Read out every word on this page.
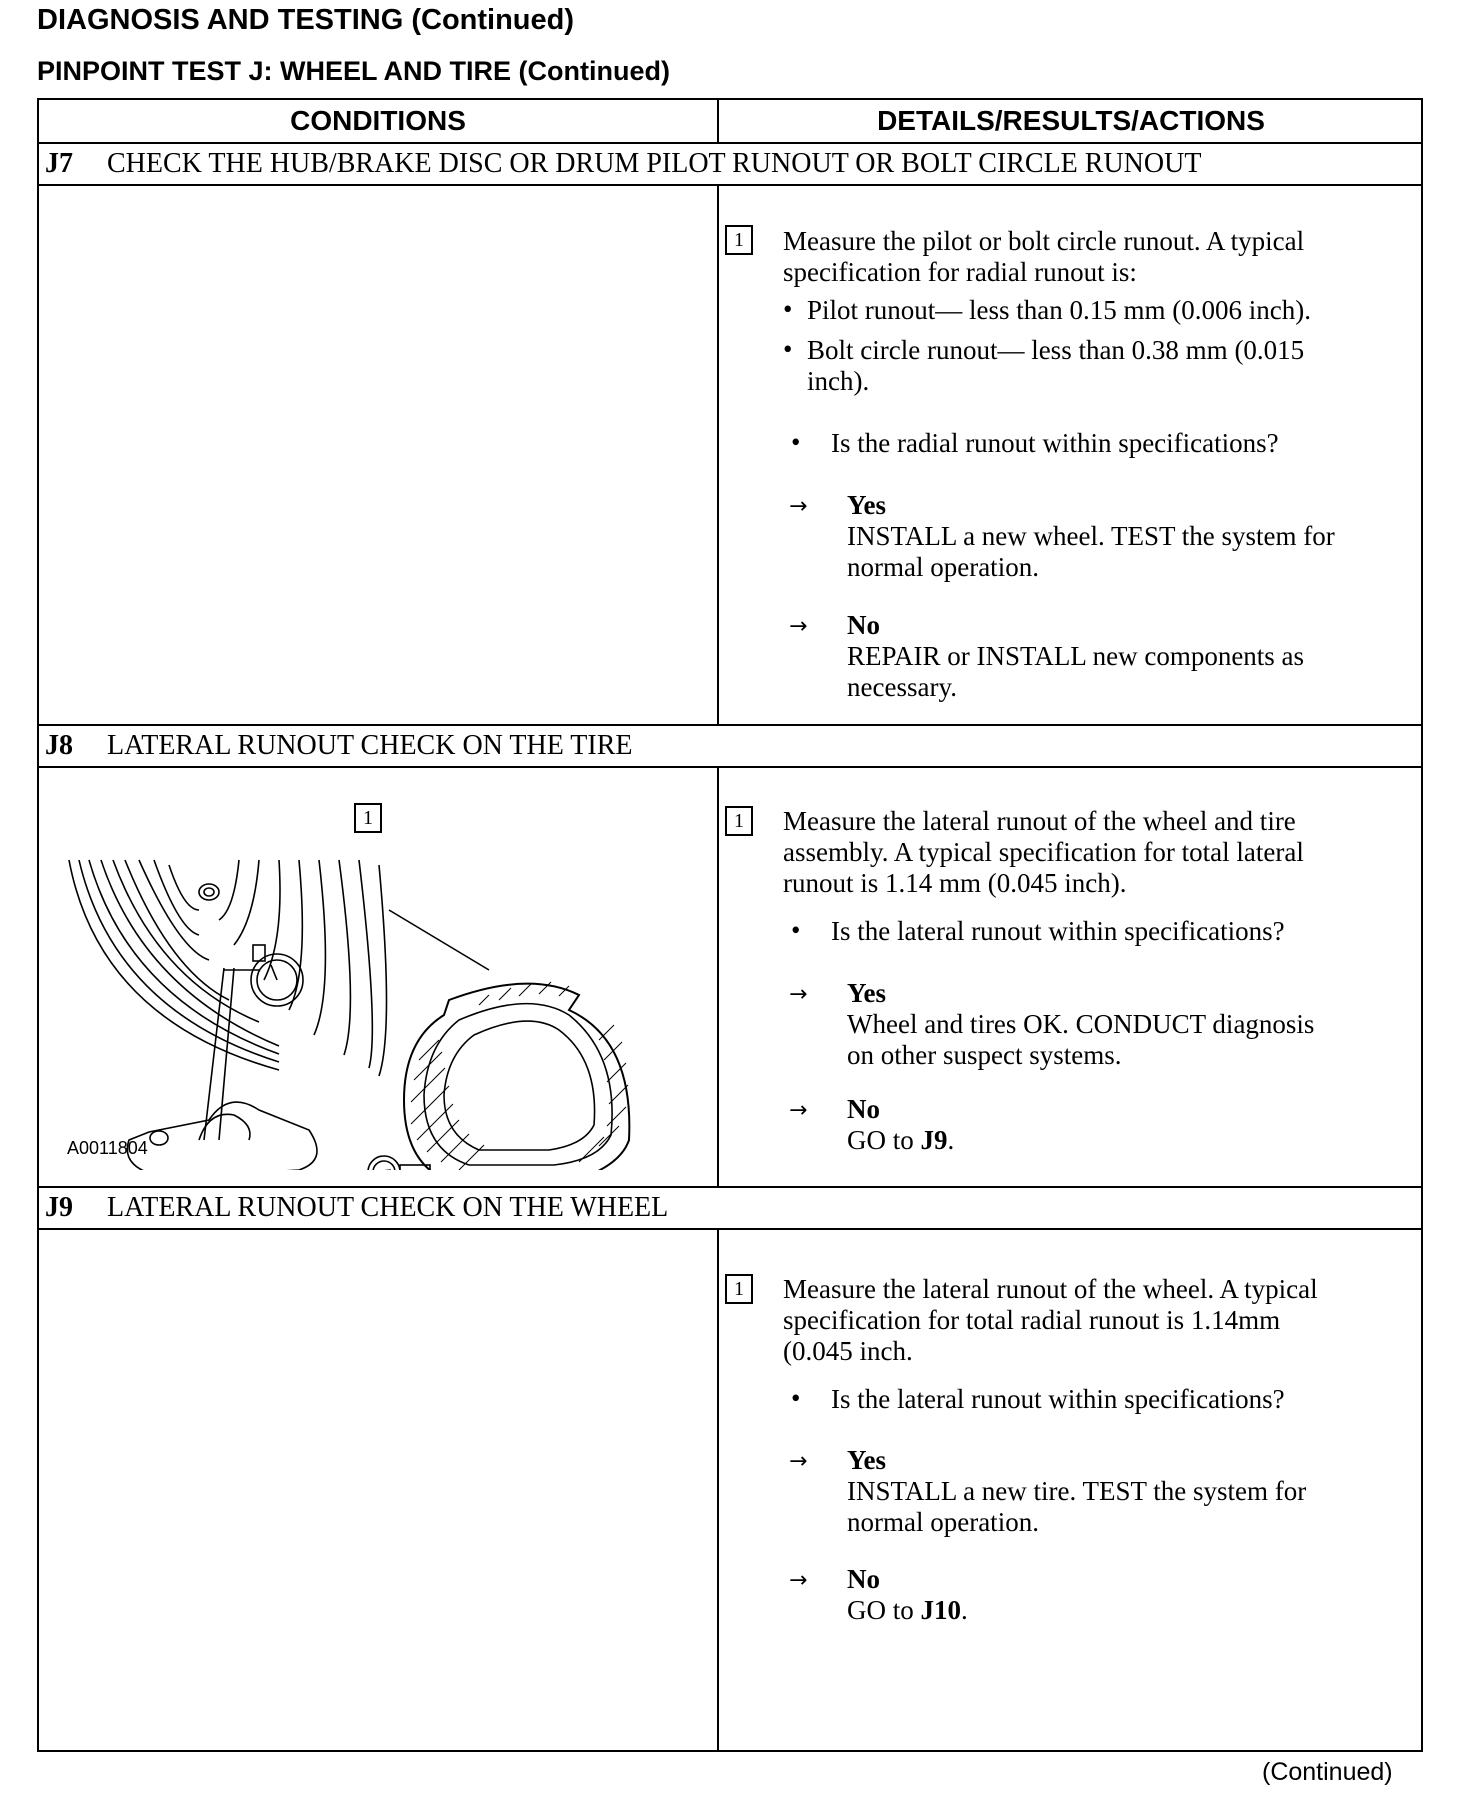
DIAGNOSIS AND TESTING (Continued)
PINPOINT TEST J: WHEEL AND TIRE (Continued)
CONDITIONS	DETAILS/RESULTS/ACTIONS
J7 CHECK THE HUB/BRAKE DISC OR DRUM PILOT RUNOUT OR BOLT CIRCLE RUNOUT
1	Measure the pilot or bolt circle runout. A typical
specification for radial runout is:
• Pilot runout— less than 0.15 mm (0.006 inch).
• Bolt circle runout— less than 0.38 mm (0.015
inch).
• Is the radial runout within specifications?
→ Yes
INSTALL a new wheel. TEST the system for
normal operation.
→ No
REPAIR or INSTALL new components as
necessary.
J8 LATERAL RUNOUT CHECK ON THE TIRE
1
A0011804
1	Measure the lateral runout of the wheel and tire
assembly. A typical specification for total lateral
runout is 1.14 mm (0.045 inch).
• Is the lateral runout within specifications?
→ Yes
Wheel and tires OK. CONDUCT diagnosis
on other suspect systems.
→ No
GO to J9.
J9 LATERAL RUNOUT CHECK ON THE WHEEL
1	Measure the lateral runout of the wheel. A typical
specification for total radial runout is 1.14mm
(0.045 inch.
• Is the lateral runout within specifications?
→ Yes
INSTALL a new tire. TEST the system for
normal operation.
→ No
GO to J10.
(Continued)
